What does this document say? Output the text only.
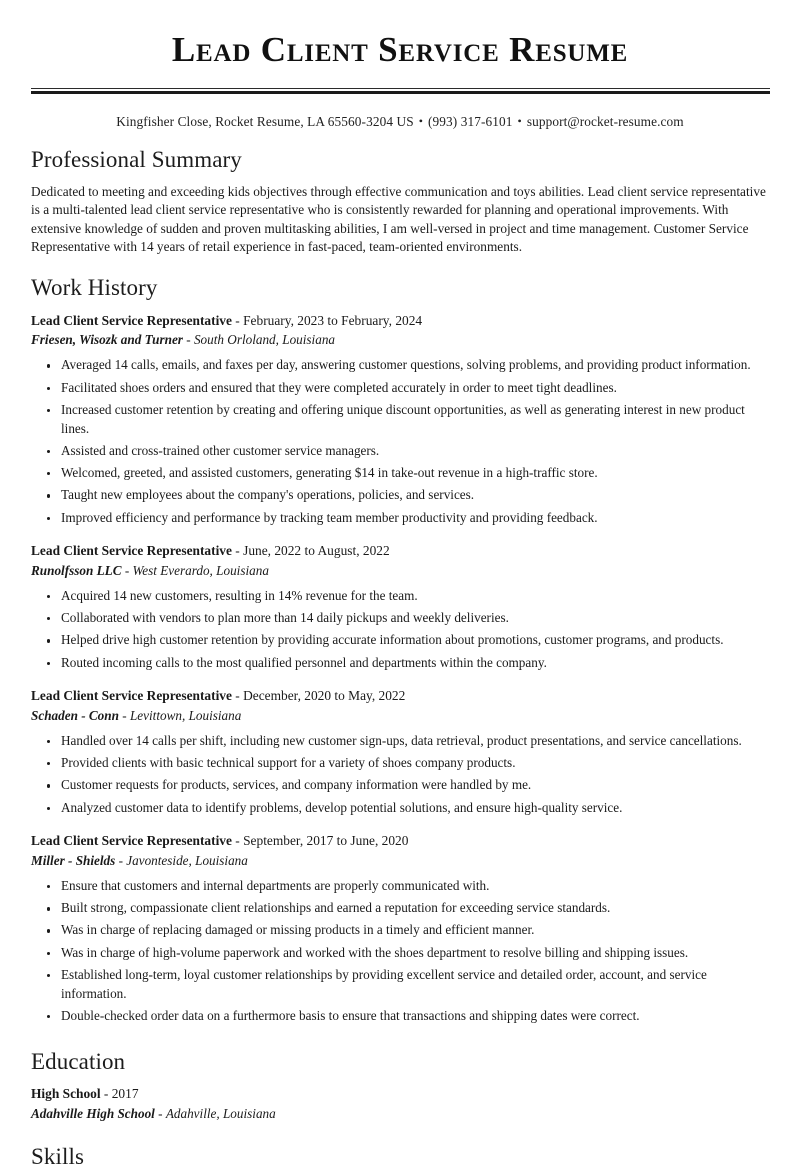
Lead Client Service Resume
Kingfisher Close, Rocket Resume, LA 65560-3204 US • (993) 317-6101 • support@rocket-resume.com
Professional Summary

Dedicated to meeting and exceeding kids objectives through effective communication and toys abilities. Lead client service representative is a multi-talented lead client service representative who is consistently rewarded for planning and operational improvements. With extensive knowledge of sudden and proven multitasking abilities, I am well-versed in project and time management. Customer Service Representative with 14 years of retail experience in fast-paced, team-oriented environments.

Work History
Lead Client Service Representative - February, 2023 to February, 2024
Friesen, Wisozk and Turner - South Orloland, Louisiana
Averaged 14 calls, emails, and faxes per day, answering customer questions, solving problems, and providing product information.
Facilitated shoes orders and ensured that they were completed accurately in order to meet tight deadlines.
Increased customer retention by creating and offering unique discount opportunities, as well as generating interest in new product lines.
Assisted and cross-trained other customer service managers.
Welcomed, greeted, and assisted customers, generating $14 in take-out revenue in a high-traffic store.
Taught new employees about the company's operations, policies, and services.
Improved efficiency and performance by tracking team member productivity and providing feedback.
Lead Client Service Representative - June, 2022 to August, 2022
Runolfsson LLC - West Everardo, Louisiana
Acquired 14 new customers, resulting in 14% revenue for the team.
Collaborated with vendors to plan more than 14 daily pickups and weekly deliveries.
Helped drive high customer retention by providing accurate information about promotions, customer programs, and products.
Routed incoming calls to the most qualified personnel and departments within the company.
Lead Client Service Representative - December, 2020 to May, 2022
Schaden - Conn - Levittown, Louisiana
Handled over 14 calls per shift, including new customer sign-ups, data retrieval, product presentations, and service cancellations.
Provided clients with basic technical support for a variety of shoes company products.
Customer requests for products, services, and company information were handled by me.
Analyzed customer data to identify problems, develop potential solutions, and ensure high-quality service.
Lead Client Service Representative - September, 2017 to June, 2020
Miller - Shields - Javonteside, Louisiana
Ensure that customers and internal departments are properly communicated with.
Built strong, compassionate client relationships and earned a reputation for exceeding service standards.
Was in charge of replacing damaged or missing products in a timely and efficient manner.
Was in charge of high-volume paperwork and worked with the shoes department to resolve billing and shipping issues.
Established long-term, loyal customer relationships by providing excellent service and detailed order, account, and service information.
Double-checked order data on a furthermore basis to ensure that transactions and shipping dates were correct.
Education
High School - 2017
Adahville High School - Adahville, Louisiana
Skills
